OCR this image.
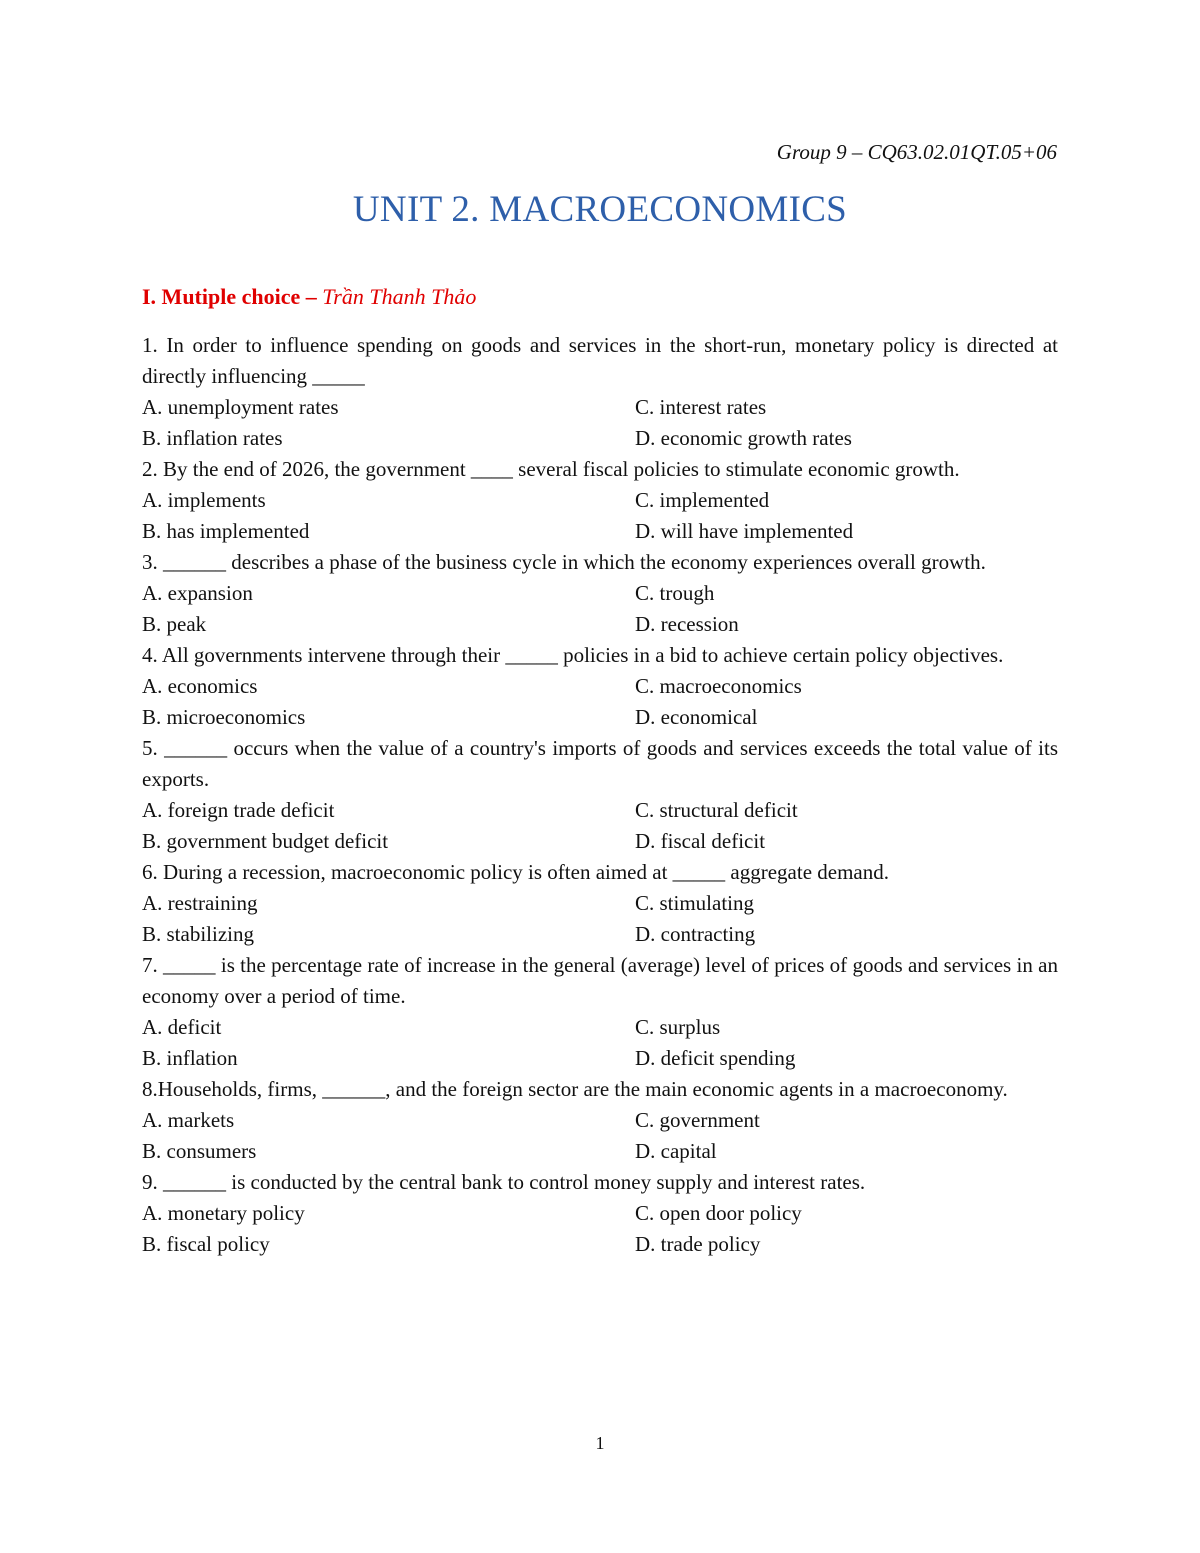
Group 9 – CQ63.02.01QT.05+06
UNIT 2. MACROECONOMICS
I. Mutiple choice – Trần Thanh Thảo
1. In order to influence spending on goods and services in the short-run, monetary policy is directed at directly influencing _____
A. unemployment rates	C. interest rates
B. inflation rates	D. economic growth rates
2. By the end of 2026, the government ____ several fiscal policies to stimulate economic growth.
A. implements	C. implemented
B. has implemented	D. will have implemented
3. ______ describes a phase of the business cycle in which the economy experiences overall growth.
A. expansion	C. trough
B. peak	D. recession
4. All governments intervene through their _____ policies in a bid to achieve certain policy objectives.
A. economics	C. macroeconomics
B. microeconomics	D. economical
5. ______ occurs when the value of a country's imports of goods and services exceeds the total value of its exports.
A. foreign trade deficit	C. structural deficit
B. government budget deficit	D. fiscal deficit
6. During a recession, macroeconomic policy is often aimed at _____ aggregate demand.
A. restraining	C. stimulating
B. stabilizing	D. contracting
7. _____ is the percentage rate of increase in the general (average) level of prices of goods and services in an economy over a period of time.
A. deficit	C. surplus
B. inflation	D. deficit spending
8.Households, firms, ______, and the foreign sector are the main economic agents in a macroeconomy.
A. markets	C. government
B. consumers	D. capital
9. ______ is conducted by the central bank to control money supply and interest rates.
A. monetary policy	C. open door policy
B. fiscal policy	D. trade policy
1
